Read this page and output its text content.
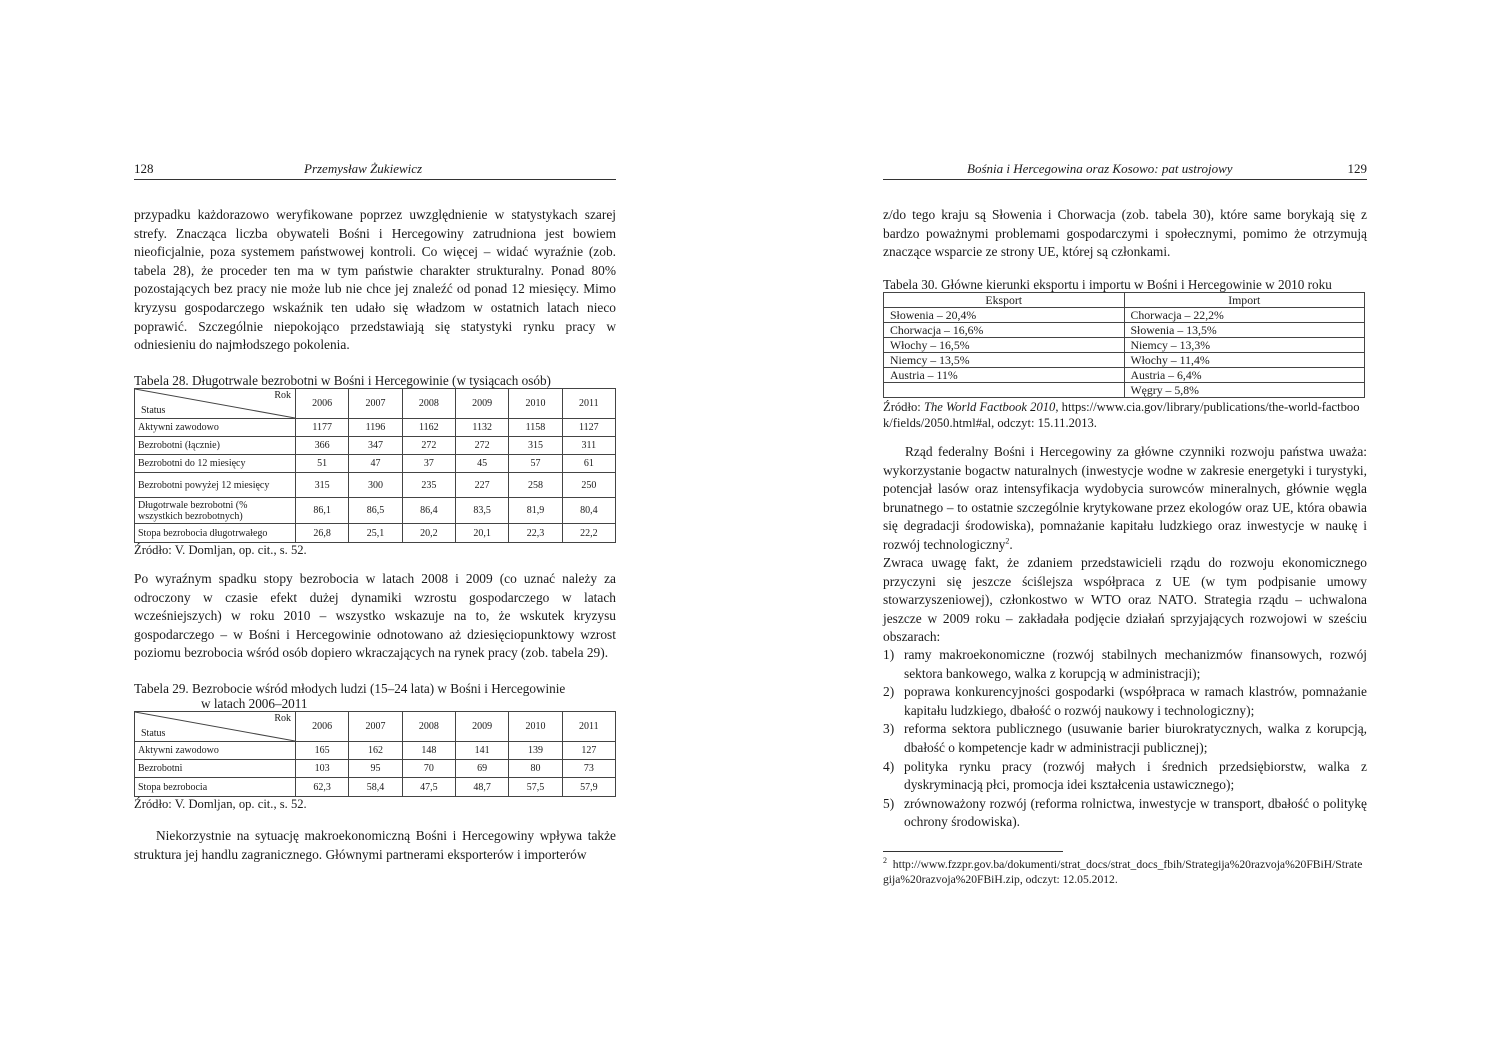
128	Przemysław Żukiewicz

przypadku każdorazowo weryfikowane poprzez uwzględnienie w statystykach szarej strefy. Znacząca liczba obywateli Bośni i Hercegowiny zatrudniona jest bowiem nieoficjalnie, poza systemem państwowej kontroli. Co więcej – widać wyraźnie (zob. tabela 28), że proceder ten ma w tym państwie charakter strukturalny. Ponad 80% pozostających bez pracy nie może lub nie chce jej znaleźć od ponad 12 miesięcy. Mimo kryzysu gospodarczego wskaźnik ten udało się władzom w ostatnich latach nieco poprawić. Szczególnie niepokojąco przedstawiają się statystyki rynku pracy w odniesieniu do najmłodszego pokolenia.

Tabela 28. Długotrwale bezrobotni w Bośni i Hercegowinie (w tysiącach osób)

Rok
Status	2006	2007	2008	2009	2010	2011
Aktywni zawodowo	1177	1196	1162	1132	1158	1127
Bezrobotni (łącznie)	366	347	272	272	315	311
Bezrobotni do 12 miesięcy	51	47	37	45	57	61
Bezrobotni powyżej 12 miesięcy	315	300	235	227	258	250
Długotrwale bezrobotni (% wszystkich bezrobotnych)	86,1	86,5	86,4	83,5	81,9	80,4
Stopa bezrobocia długotrwałego	26,8	25,1	20,2	20,1	22,3	22,2

Źródło: V. Domljan, op. cit., s. 52.

Po wyraźnym spadku stopy bezrobocia w latach 2008 i 2009 (co uznać należy za odroczony w czasie efekt dużej dynamiki wzrostu gospodarczego w latach wcześniejszych) w roku 2010 – wszystko wskazuje na to, że wskutek kryzysu gospodarczego – w Bośni i Hercegowinie odnotowano aż dziesięciopunktowy wzrost poziomu bezrobocia wśród osób dopiero wkraczających na rynek pracy (zob. tabela 29).

Tabela 29. Bezrobocie wśród młodych ludzi (15–24 lata) w Bośni i Hercegowinie

w latach 2006–2011

Rok
Status	2006	2007	2008	2009	2010	2011
Aktywni zawodowo	165	162	148	141	139	127
Bezrobotni	103	95	70	69	80	73
Stopa bezrobocia	62,3	58,4	47,5	48,7	57,5	57,9

Źródło: V. Domljan, op. cit., s. 52.

Niekorzystnie na sytuację makroekonomiczną Bośni i Hercegowiny wpływa także struktura jej handlu zagranicznego. Głównymi partnerami eksporterów i importerów

Bośnia i Hercegowina oraz Kosowo: pat ustrojowy	129

z/do tego kraju są Słowenia i Chorwacja (zob. tabela 30), które same borykają się z bardzo poważnymi problemami gospodarczymi i społecznymi, pomimo że otrzymują znaczące wsparcie ze strony UE, której są członkami.

Tabela 30. Główne kierunki eksportu i importu w Bośni i Hercegowinie w 2010 roku

Eksport	Import
Słowenia – 20,4%	Chorwacja – 22,2%
Chorwacja – 16,6%	Słowenia – 13,5%
Włochy – 16,5%	Niemcy – 13,3%
Niemcy – 13,5%	Włochy – 11,4%
Austria – 11%	Austria – 6,4%
	Węgry – 5,8%

Źródło: The World Factbook 2010, https://www.cia.gov/library/publications/the-world-factbook/fields/2050.html#al, odczyt: 15.11.2013.

Rząd federalny Bośni i Hercegowiny za główne czynniki rozwoju państwa uważa: wykorzystanie bogactw naturalnych (inwestycje wodne w zakresie energetyki i turystyki, potencjał lasów oraz intensyfikacja wydobycia surowców mineralnych, głównie węgla brunatnego – to ostatnie szczególnie krytykowane przez ekologów oraz UE, która obawia się degradacji środowiska), pomnażanie kapitału ludzkiego oraz inwestycje w naukę i rozwój technologiczny$^2$.

Zwraca uwagę fakt, że zdaniem przedstawicieli rządu do rozwoju ekonomicznego przyczyni się jeszcze ściślejsza współpraca z UE (w tym podpisanie umowy stowarzyszeniowej), członkostwo w WTO oraz NATO. Strategia rządu – uchwalona jeszcze w 2009 roku – zakładała podjęcie działań sprzyjających rozwojowi w sześciu obszarach:

1) ramy makroekonomiczne (rozwój stabilnych mechanizmów finansowych, rozwój sektora bankowego, walka z korupcją w administracji);
2) poprawa konkurencyjności gospodarki (współpraca w ramach klastrów, pomnażanie kapitału ludzkiego, dbałość o rozwój naukowy i technologiczny);
3) reforma sektora publicznego (usuwanie barier biurokratycznych, walka z korupcją, dbałość o kompetencje kadr w administracji publicznej);
4) polityka rynku pracy (rozwój małych i średnich przedsiębiorstw, walka z dyskryminacją płci, promocja idei kształcenia ustawicznego);
5) zrównoważony rozwój (reforma rolnictwa, inwestycje w transport, dbałość o politykę ochrony środowiska).

$^2$ http://www.fzzpr.gov.ba/dokumenti/strat_docs/strat_docs_fbih/Strategija%20razvoja%20FBiH/Strategija%20razvoja%20FBiH.zip, odczyt: 12.05.2012.
